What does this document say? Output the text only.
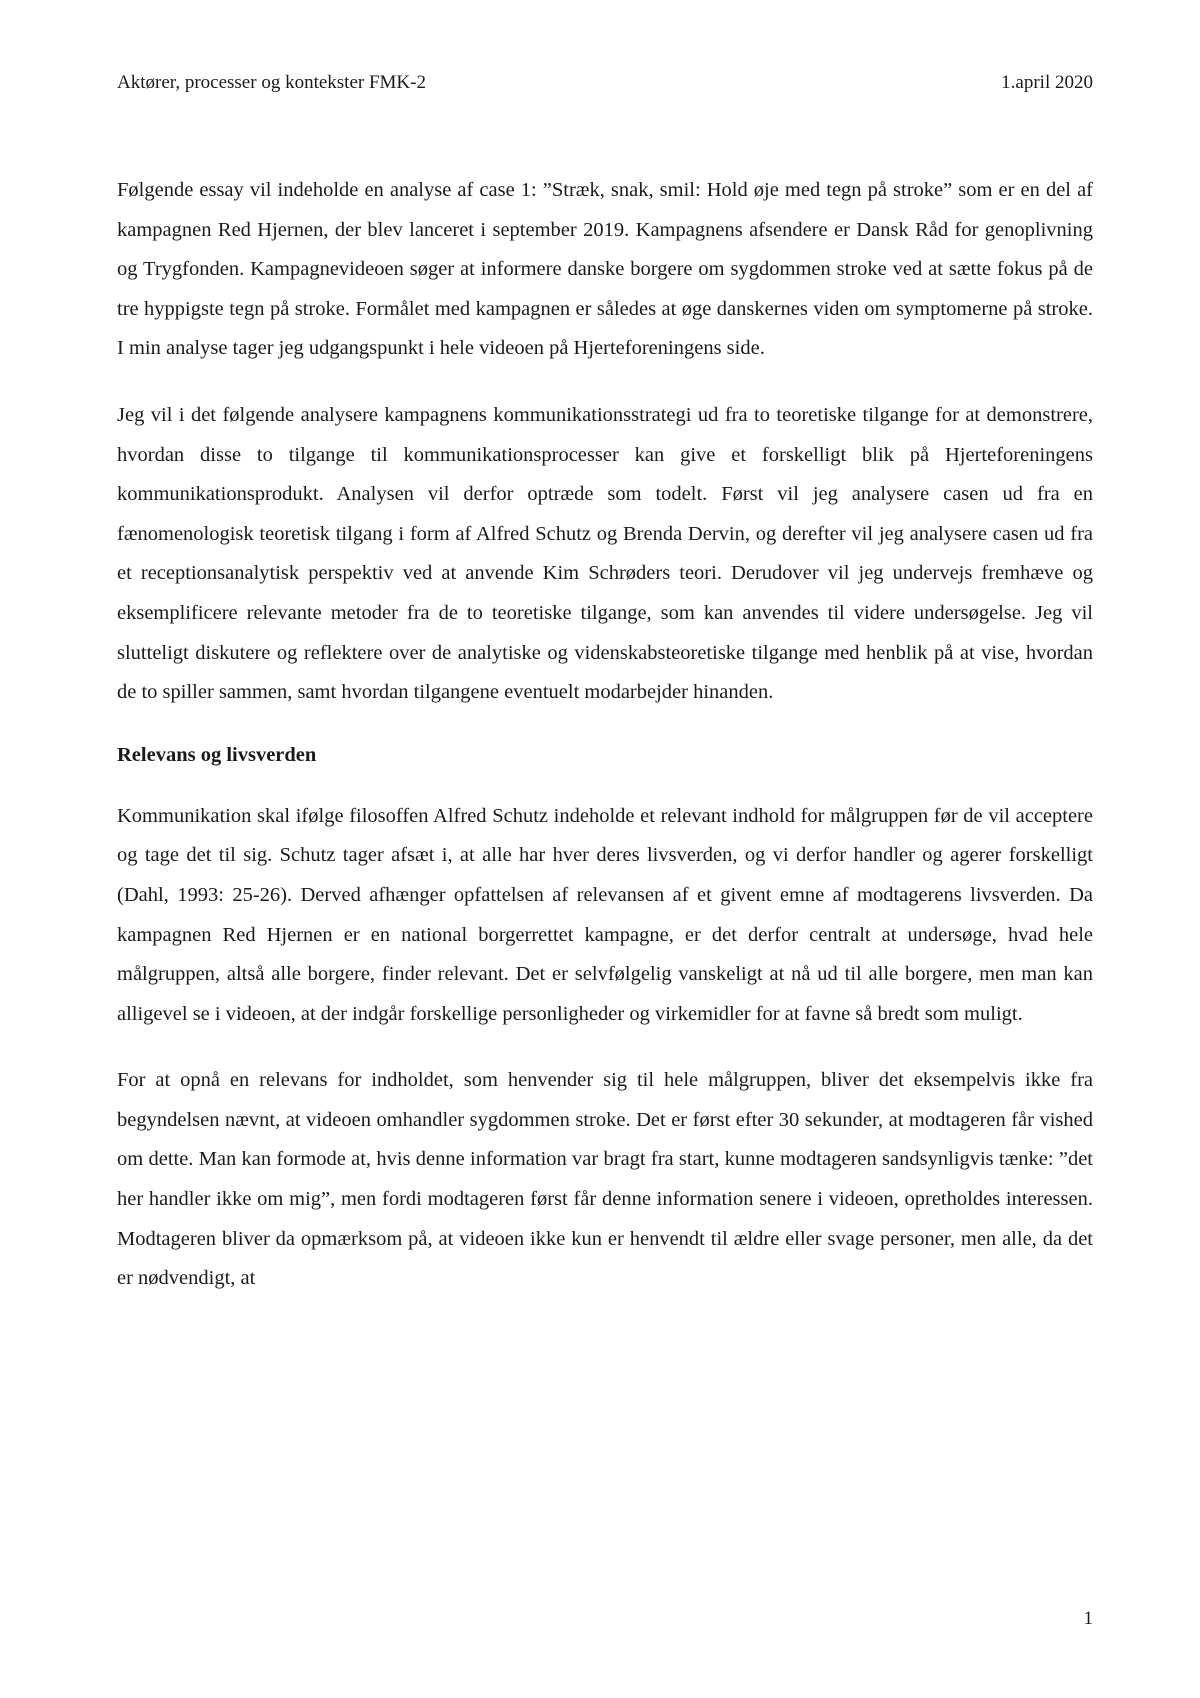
Aktører, processer og kontekster FMK-2	1.april 2020

Følgende essay vil indeholde en analyse af case 1: ”Stræk, snak, smil: Hold øje med tegn på stroke” som er en del af kampagnen Red Hjernen, der blev lanceret i september 2019. Kampagnens afsendere er Dansk Råd for genoplivning og Trygfonden. Kampagnevideoen søger at informere danske borgere om sygdommen stroke ved at sætte fokus på de tre hyppigste tegn på stroke. Formålet med kampagnen er således at øge danskernes viden om symptomerne på stroke. I min analyse tager jeg udgangspunkt i hele videoen på Hjerteforeningens side.

Jeg vil i det følgende analysere kampagnens kommunikationsstrategi ud fra to teoretiske tilgange for at demonstrere, hvordan disse to tilgange til kommunikationsprocesser kan give et forskelligt blik på Hjerteforeningens kommunikationsprodukt. Analysen vil derfor optræde som todelt. Først vil jeg analysere casen ud fra en fænomenologisk teoretisk tilgang i form af Alfred Schutz og Brenda Dervin, og derefter vil jeg analysere casen ud fra et receptionsanalytisk perspektiv ved at anvende Kim Schrøders teori. Derudover vil jeg undervejs fremhæve og eksemplificere relevante metoder fra de to teoretiske tilgange, som kan anvendes til videre undersøgelse. Jeg vil slutteligt diskutere og reflektere over de analytiske og videnskabsteoretiske tilgange med henblik på at vise, hvordan de to spiller sammen, samt hvordan tilgangene eventuelt modarbejder hinanden.

Relevans og livsverden

Kommunikation skal ifølge filosoffen Alfred Schutz indeholde et relevant indhold for målgruppen før de vil acceptere og tage det til sig. Schutz tager afsæt i, at alle har hver deres livsverden, og vi derfor handler og agerer forskelligt (Dahl, 1993: 25-26). Derved afhænger opfattelsen af relevansen af et givent emne af modtagerens livsverden. Da kampagnen Red Hjernen er en national borgerrettet kampagne, er det derfor centralt at undersøge, hvad hele målgruppen, altså alle borgere, finder relevant. Det er selvfølgelig vanskeligt at nå ud til alle borgere, men man kan alligevel se i videoen, at der indgår forskellige personligheder og virkemidler for at favne så bredt som muligt.

For at opnå en relevans for indholdet, som henvender sig til hele målgruppen, bliver det eksempelvis ikke fra begyndelsen nævnt, at videoen omhandler sygdommen stroke. Det er først efter 30 sekunder, at modtageren får vished om dette. Man kan formode at, hvis denne information var bragt fra start, kunne modtageren sandsynligvis tænke: ”det her handler ikke om mig”, men fordi modtageren først får denne information senere i videoen, opretholdes interessen. Modtageren bliver da opmærksom på, at videoen ikke kun er henvendt til ældre eller svage personer, men alle, da det er nødvendigt, at

1
